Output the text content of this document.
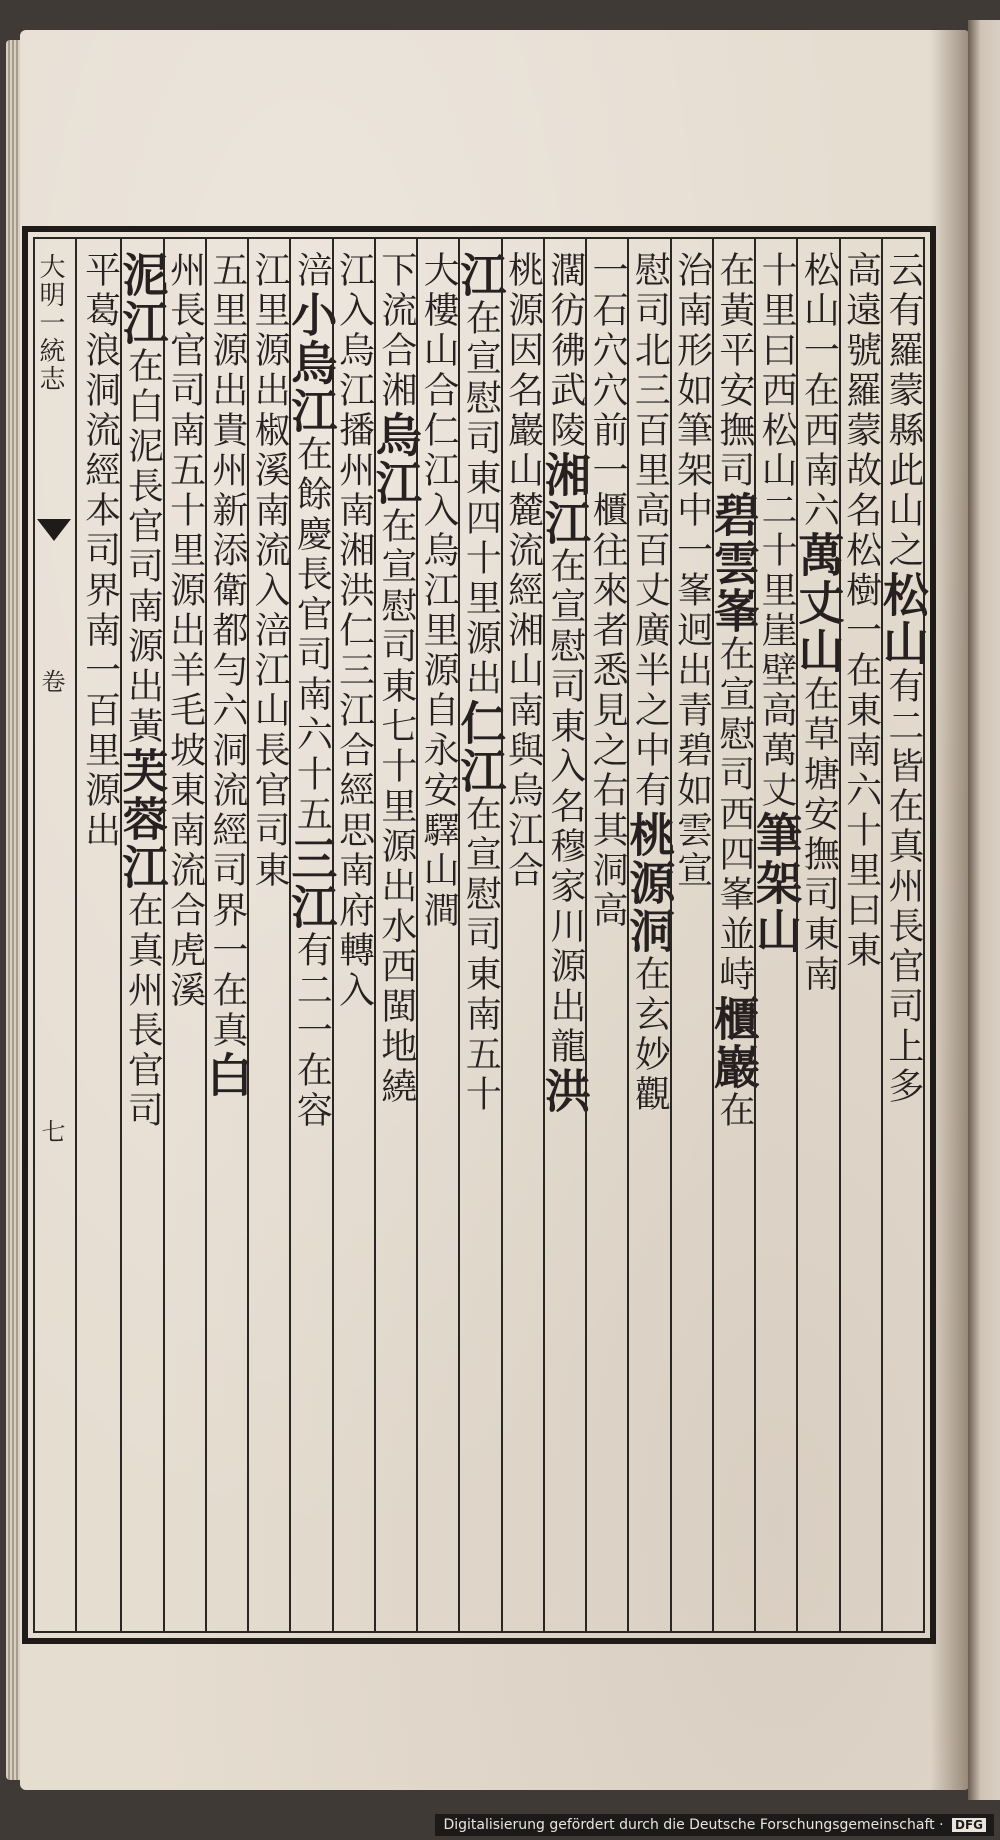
大明一統志
卷
七
云有羅蒙縣此山之
松山
有二皆在真州長官司上多
高遠號羅蒙故名
松
樹一在東南六十里曰東
松山一在西南六
萬丈山
在草塘安撫司東南
十里曰西松山
二十里崖壁高萬丈
筆架山
在黃平安撫司
碧雲峯
在宣慰司西四峯並峙
櫃巖
在
治南形如筆架
中一峯迥出青碧如雲
宣
慰司北三百里高百丈廣半之中有
桃源洞
在玄妙觀
一石穴穴前一櫃往來者悉見之
右其洞高
濶彷彿武陵
湘江
在宣慰司東入名穆家川源出龍
洪
桃源因名
巖山麓流經湘山南與烏江合
江
在宣慰司東四十里源出
仁江
在宣慰司東南五十
大樓山合仁江入烏江
里源自永安驛山澗
下流合湘
烏江
在宣慰司東七十里源出水西閩地繞
江入烏江
播州南湘洪仁三江合經思南府轉入
涪
小烏江
在餘慶長官司南六十五
三江
有二一在容
江
里源出椒溪南流入涪江
山長官司東
五里源出貴州新添衛都勻六洞流經司界一在真
白
州長官司南五十里源出羊毛坡東南流合虎溪
泥江
在白泥長官司南源出黃
芙蓉江
在真州長官司
平葛浪洞流經本司界
南一百里源出
Digitalisierung gefördert durch die Deutsche Forschungsgemeinschaft · DFG
